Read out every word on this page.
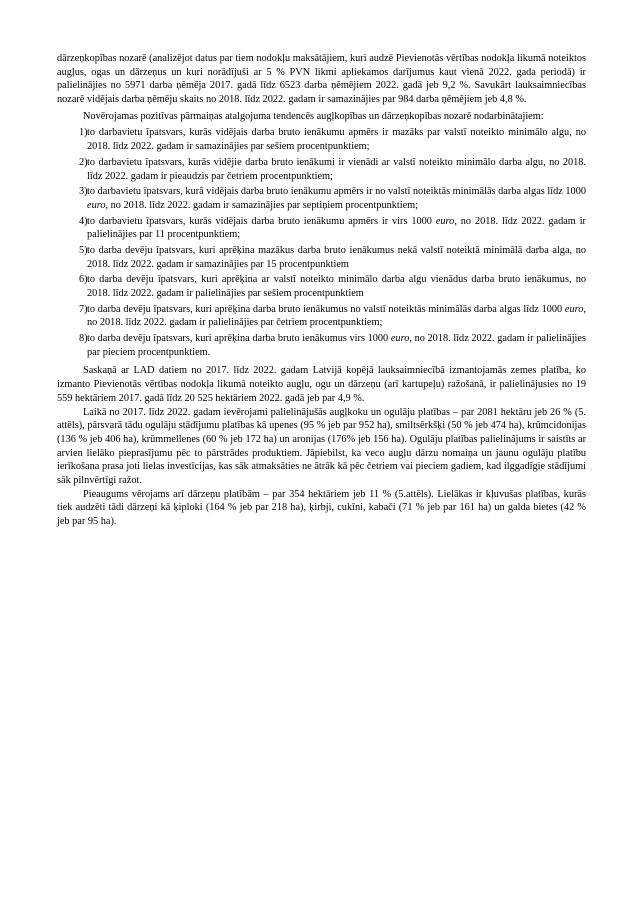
dārzeņkopības nozarē (analizējot datus par tiem nodokļu maksātājiem, kuri audzē Pievienotās vērtības nodokļa likumā noteiktos augļus, ogas un dārzeņus un kuri norādījuši ar 5 % PVN likmi apliekamos darījumus kaut vienā 2022. gada periodā) ir palielinājies no 5971 darba ņēmēja 2017. gadā līdz 6523 darba ņēmējiem 2022. gadā jeb 9,2 %. Savukārt lauksaimniecības nozarē vidējais darba ņēmēju skaits no 2018. līdz 2022. gadam ir samazinājies par 984 darba ņēmējiem jeb 4,8 %.

Novērojamas pozitīvas pārmaiņas atalgojuma tendencēs augļkopības un dārzeņkopības nozarē nodarbinātajiem:

1) to darbavietu īpatsvars, kurās vidējais darba bruto ienākumu apmērs ir mazāks par valstī noteikto minimālo algu, no 2018. līdz 2022. gadam ir samazinājies par sešiem procentpunktiem;
2) to darbavietu īpatsvars, kurās vidējie darba bruto ienākumi ir vienādi ar valstī noteikto minimālo darba algu, no 2018. līdz 2022. gadam ir pieaudzis par četriem procentpunktiem;
3) to darbavietu īpatsvars, kurā vidējais darba bruto ienākumu apmērs ir no valstī noteiktās minimālās darba algas līdz 1000 euro, no 2018. līdz 2022. gadam ir samazinājies par septiņiem procentpunktiem;
4) to darbavietu īpatsvars, kurās vidējais darba bruto ienākumu apmērs ir virs 1000 euro, no 2018. līdz 2022. gadam ir palielinājies par 11 procentpunktiem;
5) to darba devēju īpatsvars, kuri aprēķina mazākus darba bruto ienākumus nekā valstī noteiktā minimālā darba alga, no 2018. līdz 2022. gadam ir samazinājies par 15 procentpunktiem
6) to darba devēju īpatsvars, kuri aprēķina ar valstī noteikto minimālo darba algu vienādus darba bruto ienākumus, no 2018. līdz 2022. gadam ir palielinājies par sešiem procentpunktiem
7) to darba devēju īpatsvars, kuri aprēķina darba bruto ienākumus no valstī noteiktās minimālās darba algas līdz 1000 euro, no 2018. līdz 2022. gadam ir palielinājies par četriem procentpunktiem;
8) to darba devēju īpatsvars, kuri aprēķina darba bruto ienākumus virs 1000 euro, no 2018. līdz 2022. gadam ir palielinājies par pieciem procentpunktiem.

Saskaņā ar LAD datiem no 2017. līdz 2022. gadam Latvijā kopējā lauksaimniecībā izmantojamās zemes platība, ko izmanto Pievienotās vērtības nodokļa likumā noteikto augļu, ogu un dārzeņu (arī kartupeļu) ražošanā, ir palielinājusies no 19 559 hektāriem 2017. gadā līdz 20 525 hektāriem 2022. gadā jeb par 4,9 %.

Laikā no 2017. līdz 2022. gadam ievērojami palielinājušās augļkoku un ogulāju platības – par 2081 hektāru jeb 26 % (5. attēls), pārsvarā tādu ogulāju stādījumu platības kā upenes (95 % jeb par 952 ha), smiltsērkšķi (50 % jeb 474 ha), krūmcidonijas (136 % jeb 406 ha), krūmmellenes (60 % jeb 172 ha) un aronijas (176% jeb 156 ha). Ogulāju platības palielinājums ir saistīts ar arvien lielāko pieprasījumu pēc to pārstrādes produktiem. Jāpiebilst, ka veco augļu dārzu nomaiņa un jaunu ogulāju platību ierīkošana prasa joti lielas investīcijas, kas sāk atmaksāties ne ātrāk kā pēc četriem vai pieciem gadiem, kad ilggadīgie stādījumi sāk pilnvērtīgi ražot.

Pieaugums vērojams arī dārzeņu platībām – par 354 hektāriem jeb 11 % (5.attēls). Lielākas ir kļuvušas platības, kurās tiek audzēti tādi dārzeņi kā ķiploki (164 % jeb par 218 ha), ķirbji, cukīni, kabači (71 % jeb par 161 ha) un galda bietes (42 % jeb par 95 ha).
